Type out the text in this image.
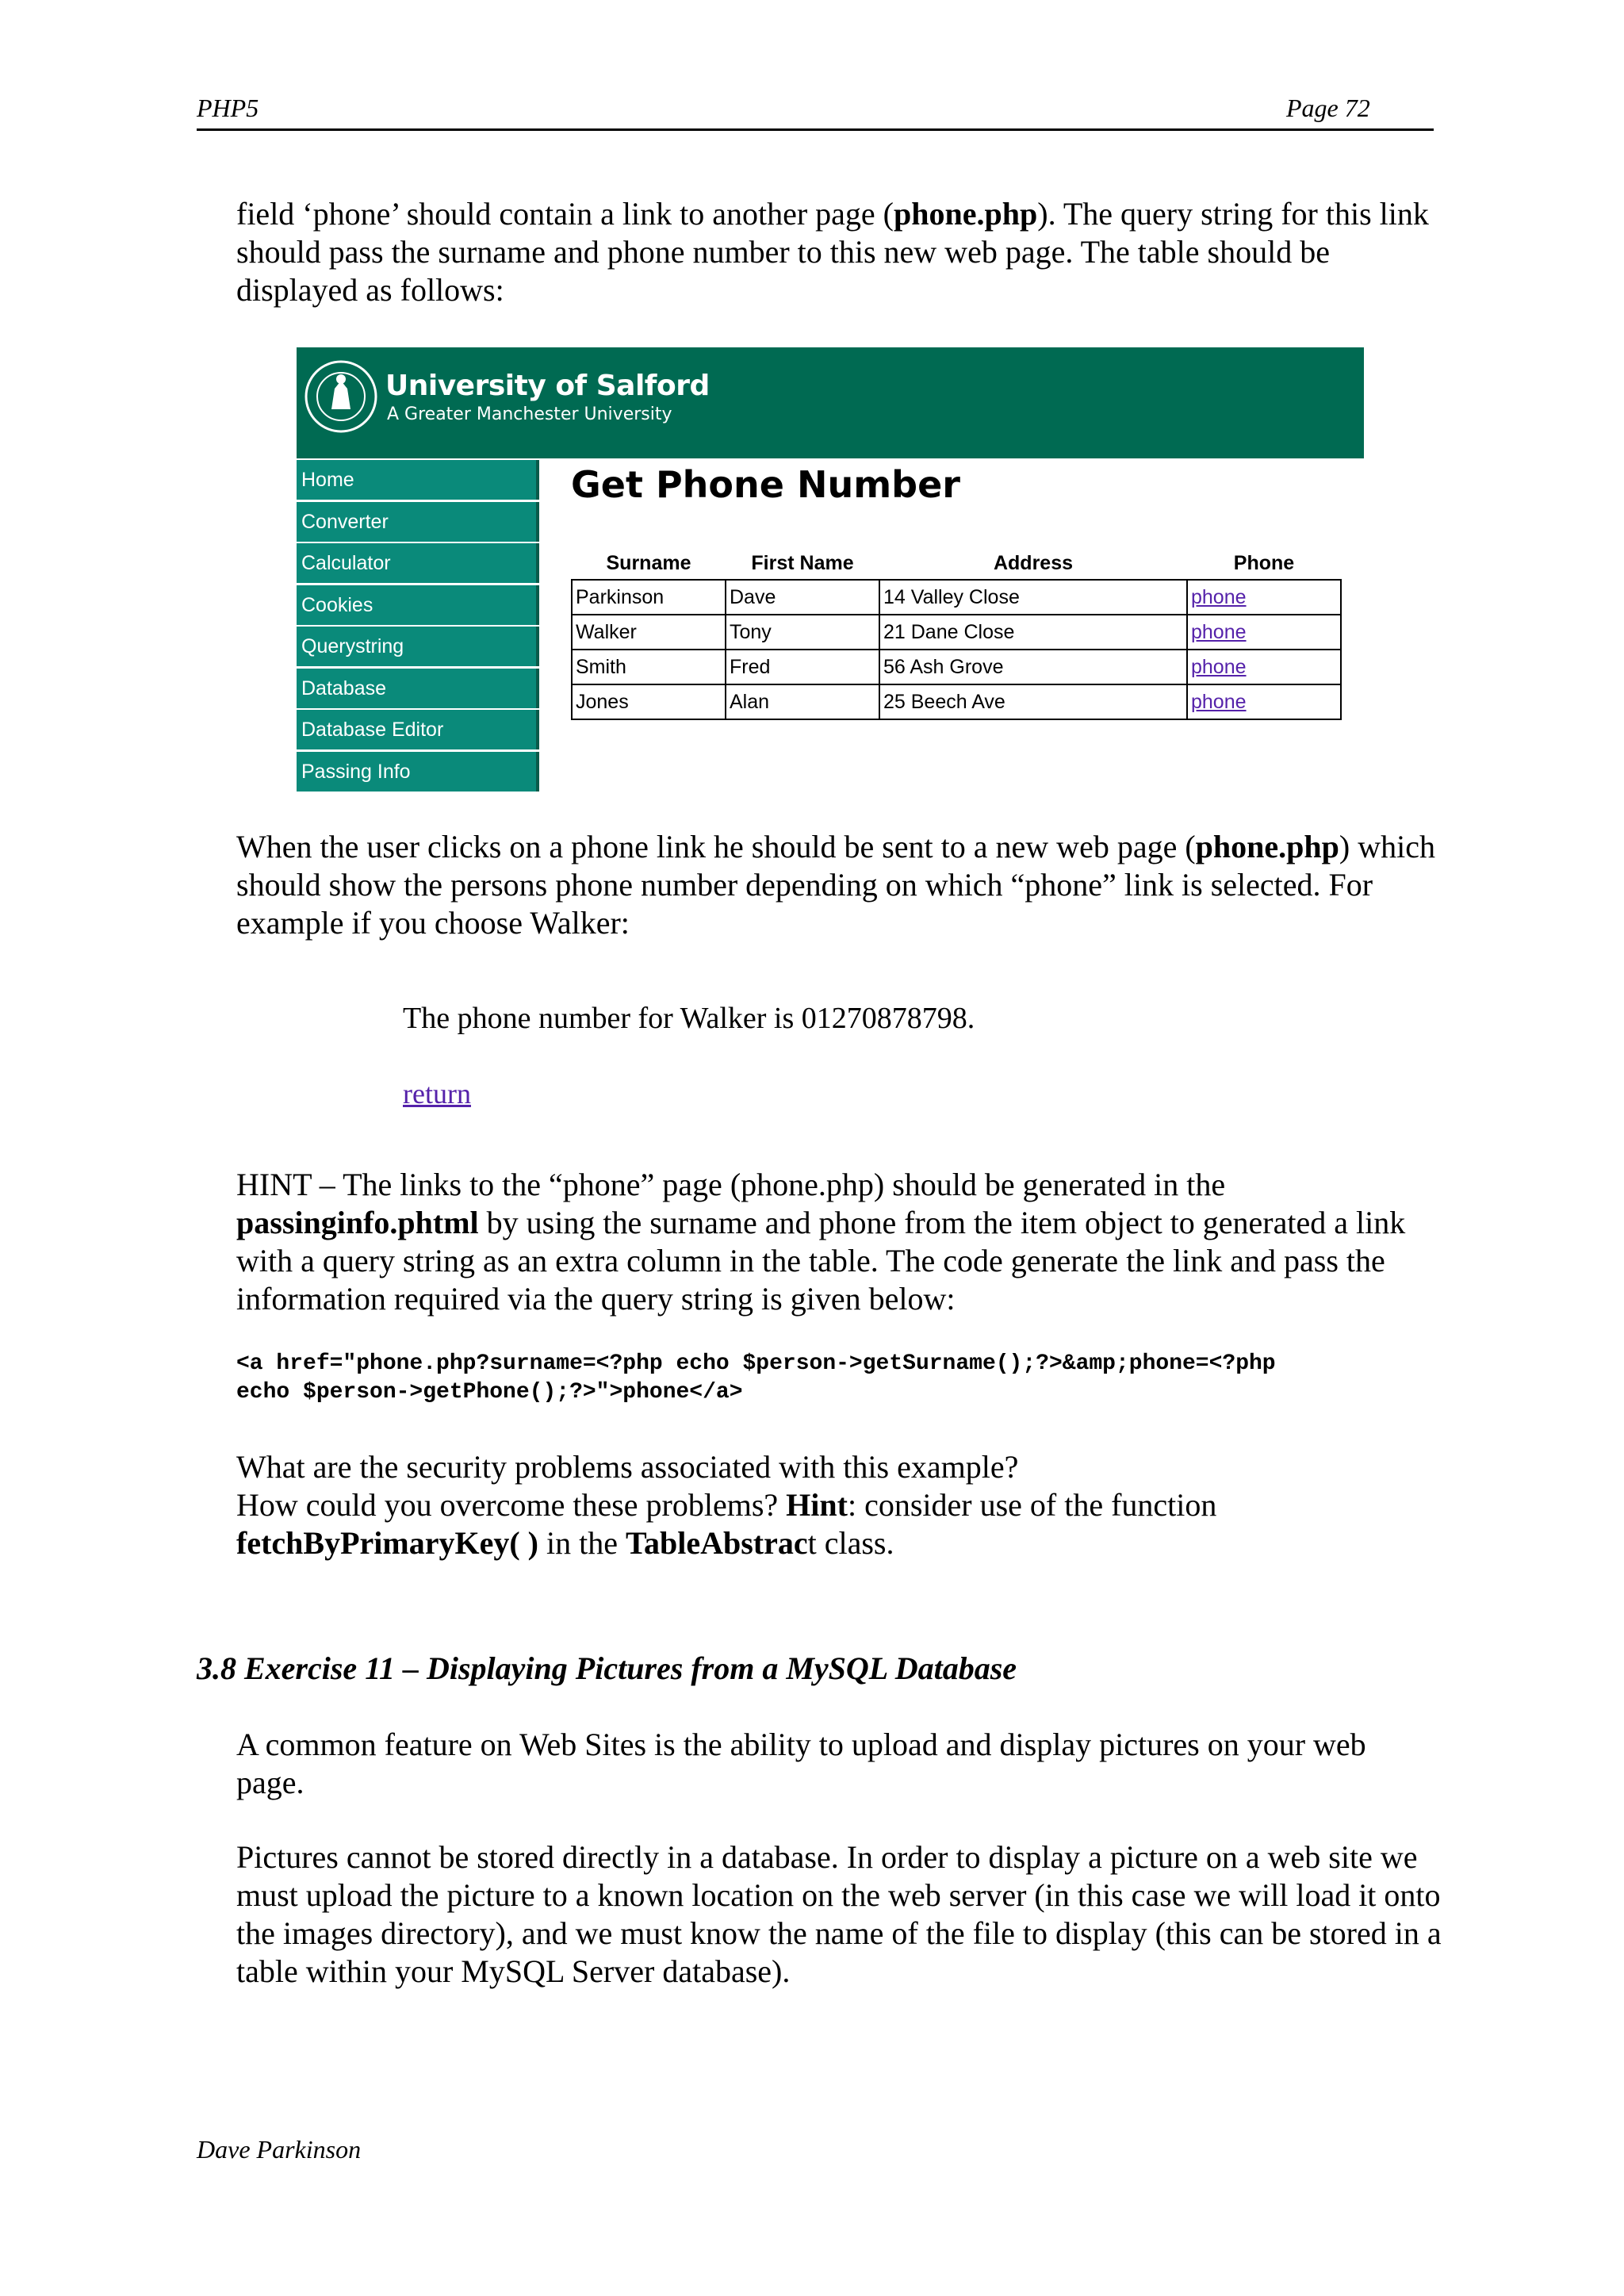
PHP5	Page 72
field ‘phone’ should contain a link to another page (phone.php). The query string for this link should pass the surname and phone number to this new web page. The table should be displayed as follows:
University of Salford
A Greater Manchester University
Home
Converter
Calculator
Cookies
Querystring
Database
Database Editor
Passing Info
Get Phone Number
Surname	First Name	Address	Phone
Parkinson	Dave	14 Valley Close	phone
Walker	Tony	21 Dane Close	phone
Smith	Fred	56 Ash Grove	phone
Jones	Alan	25 Beech Ave	phone
When the user clicks on a phone link he should be sent to a new web page (phone.php) which should show the persons phone number depending on which “phone” link is selected. For example if you choose Walker:
The phone number for Walker is 01270878798.
return
HINT – The links to the “phone” page (phone.php) should be generated in the passinginfo.phtml by using the surname and phone from the item object to generated a link with a query string as an extra column in the table. The code generate the link and pass the information required via the query string is given below:
<a href="phone.php?surname=<?php echo $person->getSurname();?>&amp;phone=<?php
echo $person->getPhone();?>">phone</a>
What are the security problems associated with this example?
How could you overcome these problems? Hint: consider use of the function
fetchByPrimaryKey( ) in the TableAbstract class.
3.8 Exercise 11 – Displaying Pictures from a MySQL Database
A common feature on Web Sites is the ability to upload and display pictures on your web page.
Pictures cannot be stored directly in a database. In order to display a picture on a web site we must upload the picture to a known location on the web server (in this case we will load it onto the images directory), and we must know the name of the file to display (this can be stored in a table within your MySQL Server database).
Dave Parkinson
